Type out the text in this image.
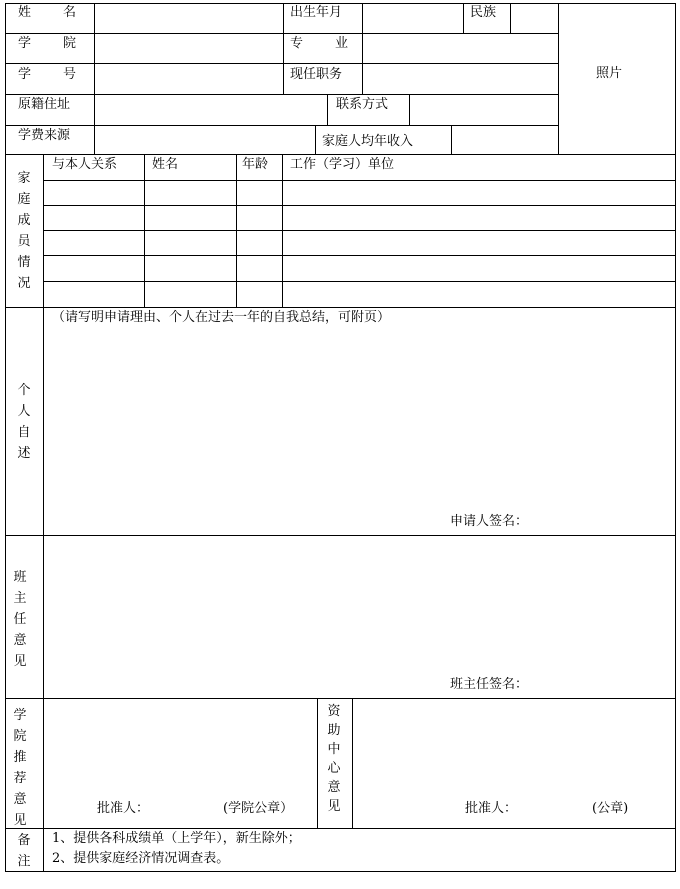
姓　　名	出生年月	民族
照片
学　　院	专　　业
学　　号	现任职务
原籍住址	联系方式
学费来源	家庭人均年收入
家庭成员情况
与本人关系	姓名	年龄 工作（学习）单位
个人自述
（请写明申请理由、个人在过去一年的自我总结，可附页）
申请人签名：
班主任意见
班主任签名：
学院推荐意见
批准人：	(学院公章）
资助中心意见	批准人：	(公章)
备注
1、提供各科成绩单（上学年），新生除外；
2、提供家庭经济情况调查表。
